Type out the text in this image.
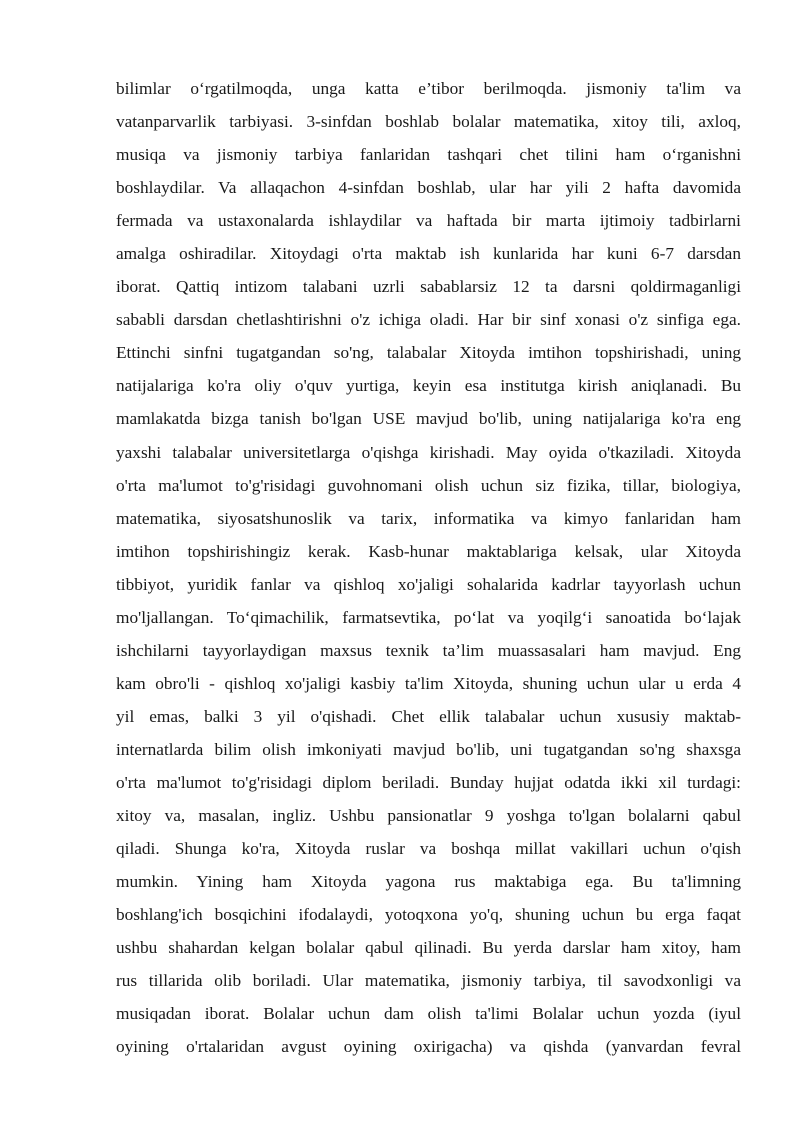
bilimlar o‘rgatilmoqda, unga katta e’tibor berilmoqda. jismoniy ta'lim va
vatanparvarlik tarbiyasi. 3-sinfdan boshlab bolalar matematika, xitoy tili, axloq,
musiqa va jismoniy tarbiya fanlaridan tashqari chet tilini ham o‘rganishni
boshlaydilar. Va allaqachon 4-sinfdan boshlab, ular har yili 2 hafta davomida
fermada va ustaxonalarda ishlaydilar va haftada bir marta ijtimoiy tadbirlarni
amalga oshiradilar. Xitoydagi o'rta maktab ish kunlarida har kuni 6-7 darsdan
iborat. Qattiq intizom talabani uzrli sabablarsiz 12 ta darsni qoldirmaganligi
sababli darsdan chetlashtirishni o'z ichiga oladi. Har bir sinf xonasi o'z sinfiga ega.
Ettinchi sinfni tugatgandan so'ng, talabalar Xitoyda imtihon topshirishadi, uning
natijalariga ko'ra oliy o'quv yurtiga, keyin esa institutga kirish aniqlanadi. Bu
mamlakatda bizga tanish bo'lgan USE mavjud bo'lib, uning natijalariga ko'ra eng
yaxshi talabalar universitetlarga o'qishga kirishadi. May oyida o'tkaziladi. Xitoyda
o'rta ma'lumot to'g'risidagi guvohnomani olish uchun siz fizika, tillar, biologiya,
matematika, siyosatshunoslik va tarix, informatika va kimyo fanlaridan ham
imtihon topshirishingiz kerak. Kasb-hunar maktablariga kelsak, ular Xitoyda
tibbiyot, yuridik fanlar va qishloq xo'jaligi sohalarida kadrlar tayyorlash uchun
mo'ljallangan. To‘qimachilik, farmatsevtika, po‘lat va yoqilg‘i sanoatida bo‘lajak
ishchilarni tayyorlaydigan maxsus texnik ta’lim muassasalari ham mavjud. Eng
kam obro'li - qishloq xo'jaligi kasbiy ta'lim Xitoyda, shuning uchun ular u erda 4
yil emas, balki 3 yil o'qishadi. Chet ellik talabalar uchun xususiy maktab-
internatlarda bilim olish imkoniyati mavjud bo'lib, uni tugatgandan so'ng shaxsga
o'rta ma'lumot to'g'risidagi diplom beriladi. Bunday hujjat odatda ikki xil turdagi:
xitoy va, masalan, ingliz. Ushbu pansionatlar 9 yoshga to'lgan bolalarni qabul
qiladi. Shunga ko'ra, Xitoyda ruslar va boshqa millat vakillari uchun o'qish
mumkin. Yining ham Xitoyda yagona rus maktabiga ega. Bu ta'limning
boshlang'ich bosqichini ifodalaydi, yotoqxona yo'q, shuning uchun bu erga faqat
ushbu shahardan kelgan bolalar qabul qilinadi. Bu yerda darslar ham xitoy, ham
rus tillarida olib boriladi. Ular matematika, jismoniy tarbiya, til savodxonligi va
musiqadan iborat. Bolalar uchun dam olish ta'limi Bolalar uchun yozda (iyul
oyining o'rtalaridan avgust oyining oxirigacha) va qishda (yanvardan fevral
